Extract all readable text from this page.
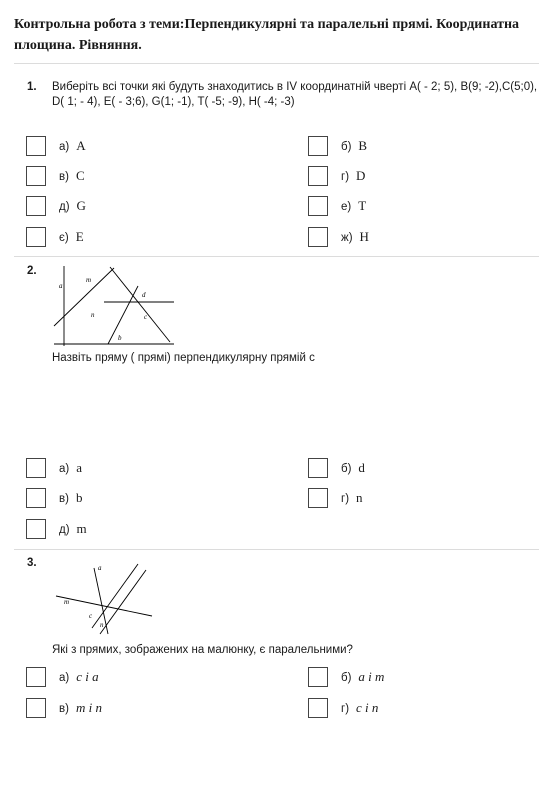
Контрольна робота з теми:Перпендикулярні та паралельні прямі. Координатна площина. Рівняння.
1. Виберіть всі точки які будуть знаходитись в IV координатній чверті A( - 2; 5), B(9; -2),C(5;0),
D( 1; - 4), E( - 3;6), G(1; -1), T( -5; -9), H( -4; -3)
а) A	б) B
в) C	г) D
д) G	е) T
є) E	ж) H
2.
a
m
d
n	c
b
Назвіть пряму ( прямі) перпендикулярну прямій c
а) a	б) d
в) b	г) n
д) m
3.	a
m
c
n
Які з прямих, зображених на малюнку, є паралельними?
а) c і a	б) a і m
в) m і n	г) c і n
